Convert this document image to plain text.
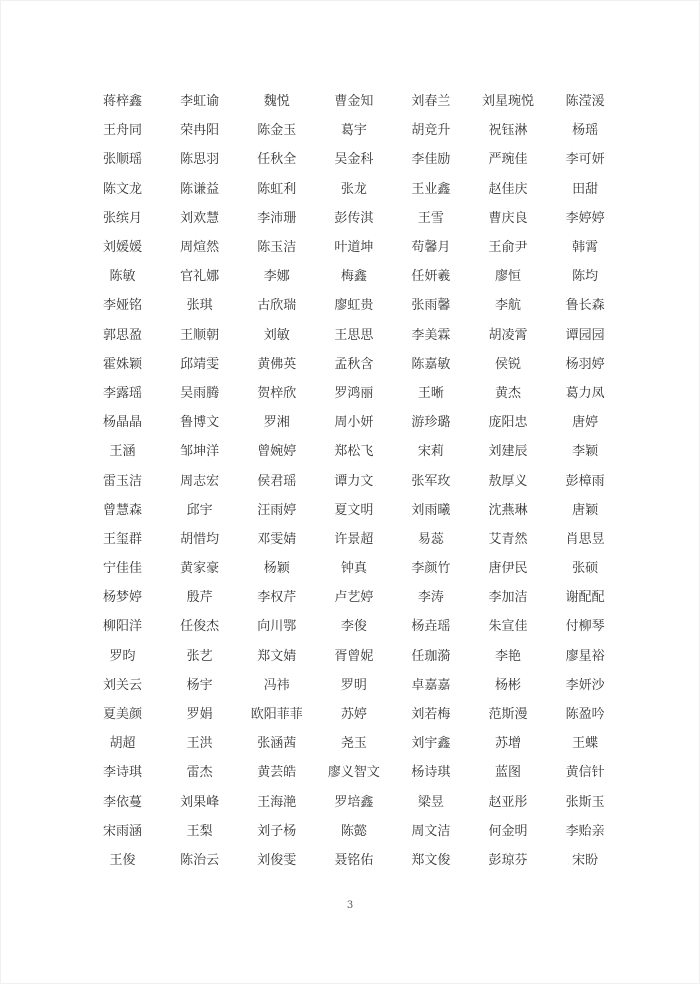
蒋梓鑫	李虹谕	魏悦	曹金知	刘春兰	刘星琬悦	陈滢湲
王舟同	荣冉阳	陈金玉	葛宇	胡竞升	祝钰淋	杨瑶
张顺瑶	陈思羽	任秋全	吴金科	李佳励	严琬佳	李可妍
陈文龙	陈谦益	陈虹利	张龙	王业鑫	赵佳庆	田甜
张缤月	刘欢慧	李沛珊	彭传淇	王雪	曹庆良	李婷婷
刘媛媛	周煊然	陈玉洁	叶道坤	苟馨月	王俞尹	韩霄
陈敏	官礼娜	李娜	梅鑫	任妍羲	廖恒	陈均
李娅铭	张琪	古欣瑞	廖虹贵	张雨馨	李航	鲁长森
郭思盈	王顺朝	刘敏	王思思	李美霖	胡凌霄	谭园园
霍姝颖	邱靖雯	黄佛英	孟秋含	陈嘉敏	侯锐	杨羽婷
李露瑶	吴雨腾	贺梓欣	罗鸿丽	王晰	黄杰	葛力凤
杨晶晶	鲁博文	罗湘	周小妍	游珍璐	庞阳忠	唐婷
王涵	邹坤洋	曾婉婷	郑松飞	宋莉	刘建辰	李颖
雷玉洁	周志宏	侯君瑶	谭力文	张军玫	敖厚义	彭樟雨
曾慧森	邱宇	汪雨婷	夏文明	刘雨曦	沈燕琳	唐颖
王玺群	胡惜均	邓雯婧	许景超	易蕊	艾青然	肖思昱
宁佳佳	黄家豪	杨颖	钟真	李颜竹	唐伊民	张硕
杨梦婷	殷芹	李权芹	卢艺婷	李涛	李加洁	谢配配
柳阳洋	任俊杰	向川鄂	李俊	杨垚瑶	朱宣佳	付柳琴
罗昀	张艺	郑文婧	胥曾妮	任珈漪	李艳	廖星裕
刘关云	杨宇	冯祎	罗明	卓嘉嘉	杨彬	李妍沙
夏美颜	罗娟	欧阳菲菲	苏婷	刘若梅	范斯漫	陈盈吟
胡超	王洪	张涵茜	尧玉	刘宇鑫	苏增	王蝶
李诗琪	雷杰	黄芸皓	廖义智文	杨诗琪	蓝图	黄信针
李依蔓	刘果峰	王海滟	罗培鑫	梁昱	赵亚彤	张斯玉
宋雨涵	王梨	刘子杨	陈懿	周文洁	何金明	李贻亲
王俊	陈治云	刘俊雯	聂铭佑	郑文俊	彭琼芬	宋盼
3
